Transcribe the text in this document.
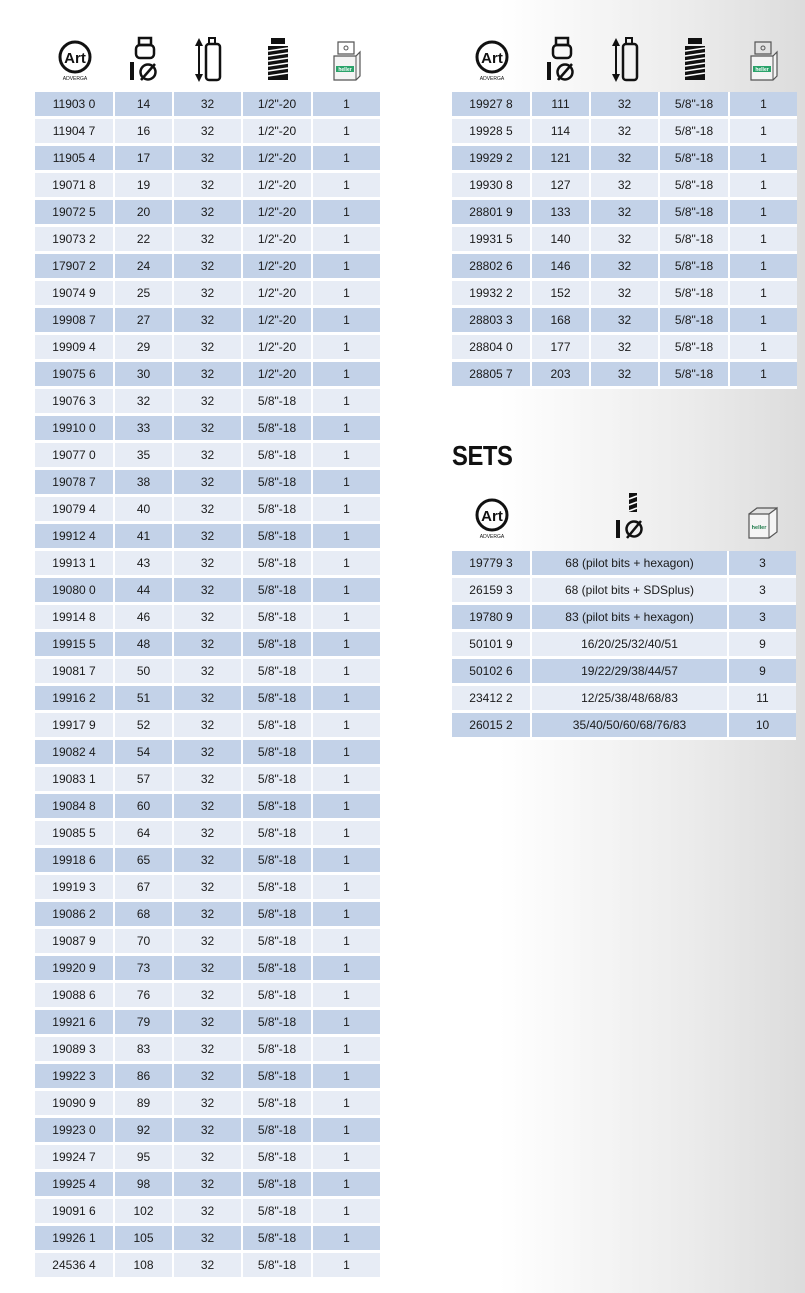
Art
ADVERGA
heller
11903 0	14	32	1/2"-20	1
11904 7	16	32	1/2"-20	1
11905 4	17	32	1/2"-20	1
19071 8	19	32	1/2"-20	1
19072 5	20	32	1/2"-20	1
19073 2	22	32	1/2"-20	1
17907 2	24	32	1/2"-20	1
19074 9	25	32	1/2"-20	1
19908 7	27	32	1/2"-20	1
19909 4	29	32	1/2"-20	1
19075 6	30	32	1/2"-20	1
19076 3	32	32	5/8"-18	1
19910 0	33	32	5/8"-18	1
19077 0	35	32	5/8"-18	1
19078 7	38	32	5/8"-18	1
19079 4	40	32	5/8"-18	1
19912 4	41	32	5/8"-18	1
19913 1	43	32	5/8"-18	1
19080 0	44	32	5/8"-18	1
19914 8	46	32	5/8"-18	1
19915 5	48	32	5/8"-18	1
19081 7	50	32	5/8"-18	1
19916 2	51	32	5/8"-18	1
19917 9	52	32	5/8"-18	1
19082 4	54	32	5/8"-18	1
19083 1	57	32	5/8"-18	1
19084 8	60	32	5/8"-18	1
19085 5	64	32	5/8"-18	1
19918 6	65	32	5/8"-18	1
19919 3	67	32	5/8"-18	1
19086 2	68	32	5/8"-18	1
19087 9	70	32	5/8"-18	1
19920 9	73	32	5/8"-18	1
19088 6	76	32	5/8"-18	1
19921 6	79	32	5/8"-18	1
19089 3	83	32	5/8"-18	1
19922 3	86	32	5/8"-18	1
19090 9	89	32	5/8"-18	1
19923 0	92	32	5/8"-18	1
19924 7	95	32	5/8"-18	1
19925 4	98	32	5/8"-18	1
19091 6	102	32	5/8"-18	1
19926 1	105	32	5/8"-18	1
24536 4	108	32	5/8"-18	1
Art
ADVERGA
heller
19927 8	111	32	5/8"-18	1
19928 5	114	32	5/8"-18	1
19929 2	121	32	5/8"-18	1
19930 8	127	32	5/8"-18	1
28801 9	133	32	5/8"-18	1
19931 5	140	32	5/8"-18	1
28802 6	146	32	5/8"-18	1
19932 2	152	32	5/8"-18	1
28803 3	168	32	5/8"-18	1
28804 0	177	32	5/8"-18	1
28805 7	203	32	5/8"-18	1
SETS
Art
ADVERGA
heller
19779 3	68 (pilot bits + hexagon)	3
26159 3	68 (pilot bits + SDSplus)	3
19780 9	83 (pilot bits + hexagon)	3
50101 9	16/20/25/32/40/51	9
50102 6	19/22/29/38/44/57	9
23412 2	12/25/38/48/68/83	11
26015 2	35/40/50/60/68/76/83	10
